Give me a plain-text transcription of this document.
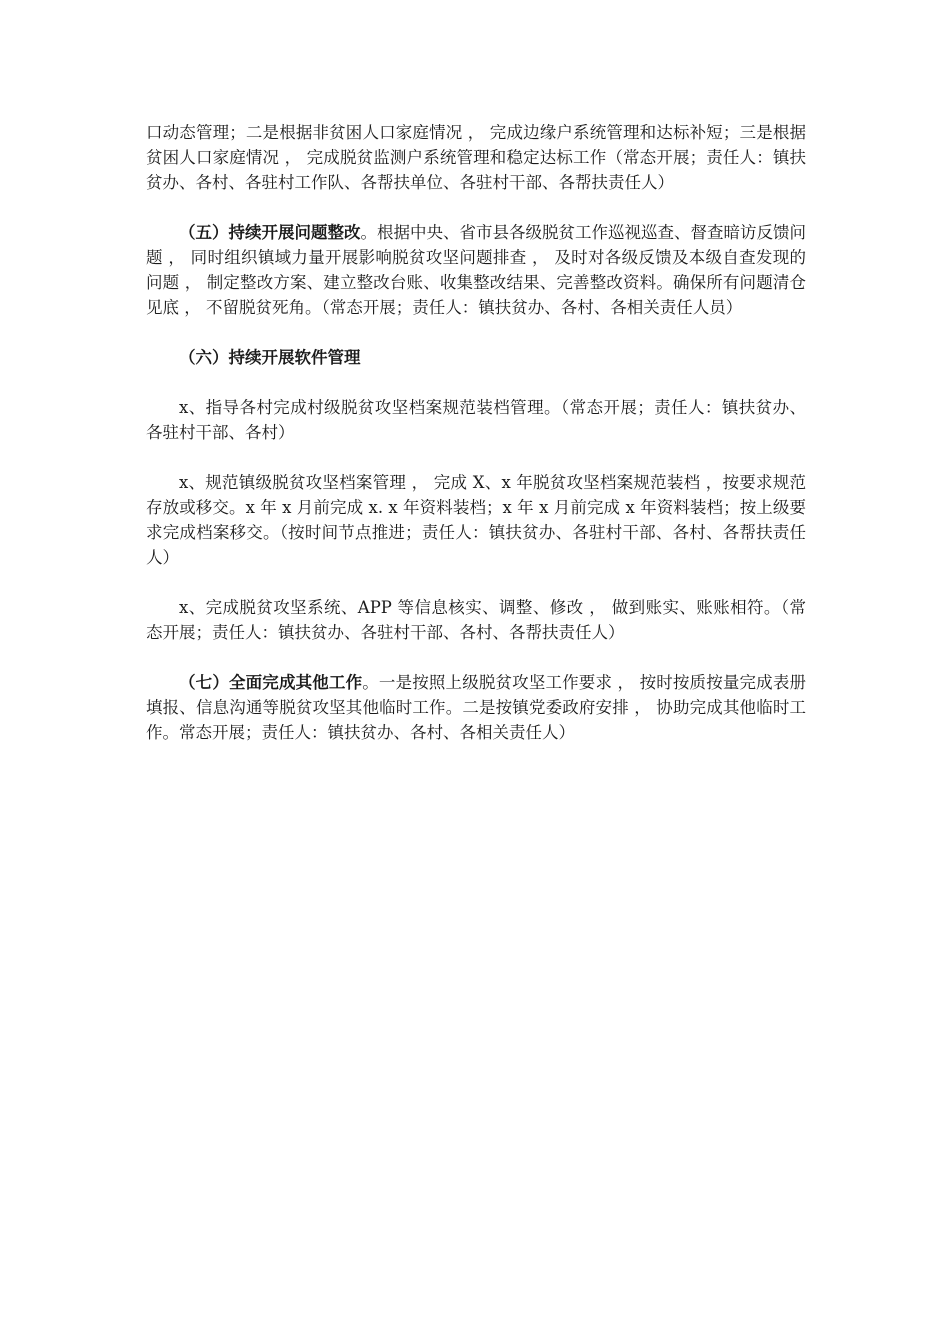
口动态管理；二是根据非贫困人口家庭情况 ， 完成边缘户系统管理和达标补短；三是根据贫困人口家庭情况 ， 完成脱贫监测户系统管理和稳定达标工作（常态开展；责任人：镇扶贫办、各村、各驻村工作队、各帮扶单位、各驻村干部、各帮扶责任人）

（五）持续开展问题整改。根据中央、省市县各级脱贫工作巡视巡查、督查暗访反馈问题 ， 同时组织镇域力量开展影响脱贫攻坚问题排查 ， 及时对各级反馈及本级自查发现的问题 ， 制定整改方案、建立整改台账、收集整改结果、完善整改资料。确保所有问题清仓见底 ， 不留脱贫死角。（常态开展；责任人：镇扶贫办、各村、各相关责任人员）

（六）持续开展软件管理

x、指导各村完成村级脱贫攻坚档案规范装档管理。（常态开展；责任人：镇扶贫办、各驻村干部、各村）

x、规范镇级脱贫攻坚档案管理 ， 完成 X、x 年脱贫攻坚档案规范装档 ，按要求规范存放或移交。x 年 x 月前完成 x. x 年资料装档；x 年 x 月前完成 x 年资料装档；按上级要求完成档案移交。（按时间节点推进；责任人：镇扶贫办、各驻村干部、各村、各帮扶责任人）

x、完成脱贫攻坚系统、APP 等信息核实、调整、修改 ， 做到账实、账账相符。（常态开展；责任人：镇扶贫办、各驻村干部、各村、各帮扶责任人）

（七）全面完成其他工作。一是按照上级脱贫攻坚工作要求 ， 按时按质按量完成表册填报、信息沟通等脱贫攻坚其他临时工作。二是按镇党委政府安排 ， 协助完成其他临时工作。常态开展；责任人：镇扶贫办、各村、各相关责任人）
